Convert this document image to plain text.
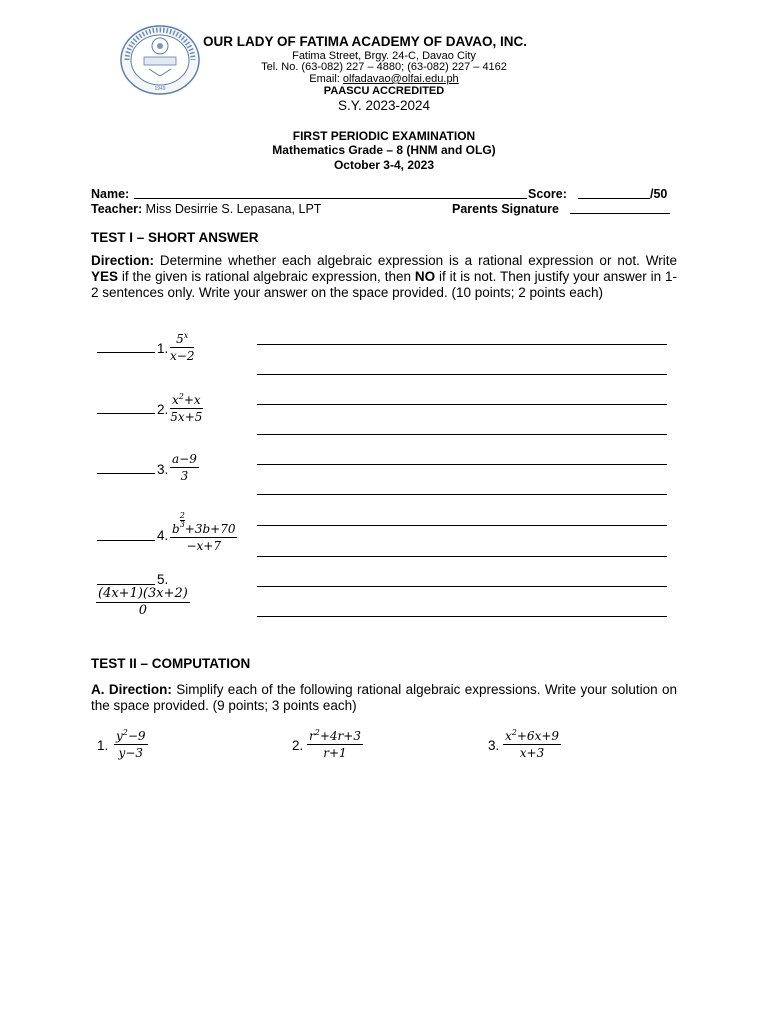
1949
OUR LADY OF FATIMA ACADEMY OF DAVAO, INC.
Fatima Street, Brgy. 24-C, Davao City
Tel. No. (63-082) 227 – 4880; (63-082) 227 – 4162
Email: olfadavao@olfai.edu.ph
PAASCU ACCREDITED
S.Y. 2023-2024
FIRST PERIODIC EXAMINATION
Mathematics Grade – 8 (HNM and OLG)
October 3-4, 2023
Name:	Score:	/50
Teacher: Miss Desirrie S. Lepasana, LPT	Parents Signature
TEST I – SHORT ANSWER
Direction: Determine whether each algebraic expression is a rational expression or not. Write YES if the given is rational algebraic expression, then NO if it is not. Then justify your answer in 1-2 sentences only. Write your answer on the space provided. (10 points; 2 points each)
1. $\frac{5^x}{x-2}$
2. $\frac{x^2+x}{5x+5}$
3. $\frac{a-9}{3}$
4. $\frac{b \frac{2}{3} +3b+70}{-x+7}$
5.
$\frac{(4x+1)(3x+2)}{0}$
TEST II – COMPUTATION
A. Direction: Simplify each of the following rational algebraic expressions. Write your solution on the space provided. (9 points; 3 points each)
1. $\frac{y^2-9}{y-3}$	2. $\frac{r^2+4r+3}{r+1}$	3. $\frac{x^2+6x+9}{x+3}$
